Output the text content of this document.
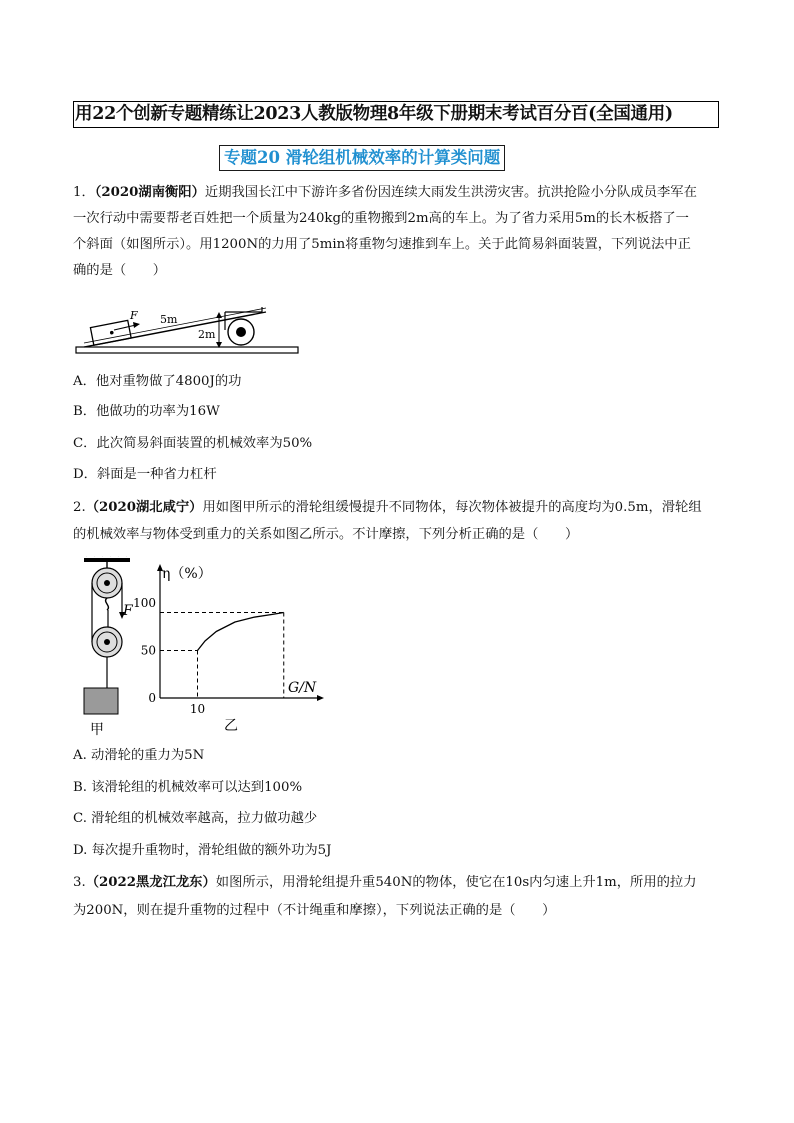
用22个创新专题精练让2023人教版物理8年级下册期末考试百分百(全国通用)
专题20 滑轮组机械效率的计算类问题
1．（2020湖南衡阳）近期我国长江中下游许多省份因连续大雨发生洪涝灾害。抗洪抢险小分队成员李军在
一次行动中需要帮老百姓把一个质量为240kg的重物搬到2m高的车上。为了省力采用5m的长木板搭了一
个斜面（如图所示）。用1200N的力用了5min将重物匀速推到车上。关于此简易斜面装置，下列说法中正
确的是（　　）
F 5m
2m
A．他对重物做了4800J的功
B．他做功的功率为16W
C．此次简易斜面装置的机械效率为50%
D．斜面是一种省力杠杆
2.（2020湖北咸宁）用如图甲所示的滑轮组缓慢提升不同物体，每次物体被提升的高度均为0.5m，滑轮组
的机械效率与物体受到重力的关系如图乙所示。不计摩擦，下列分析正确的是（　　）
F
甲
η（%）
G/N
100
50
0
10
乙
A. 动滑轮的重力为5N
B. 该滑轮组的机械效率可以达到100%
C. 滑轮组的机械效率越高，拉力做功越少
D. 每次提升重物时，滑轮组做的额外功为5J
3.（2022黑龙江龙东）如图所示，用滑轮组提升重540N的物体，使它在10s内匀速上升1m，所用的拉力
为200N，则在提升重物的过程中（不计绳重和摩擦），下列说法正确的是（　　）
